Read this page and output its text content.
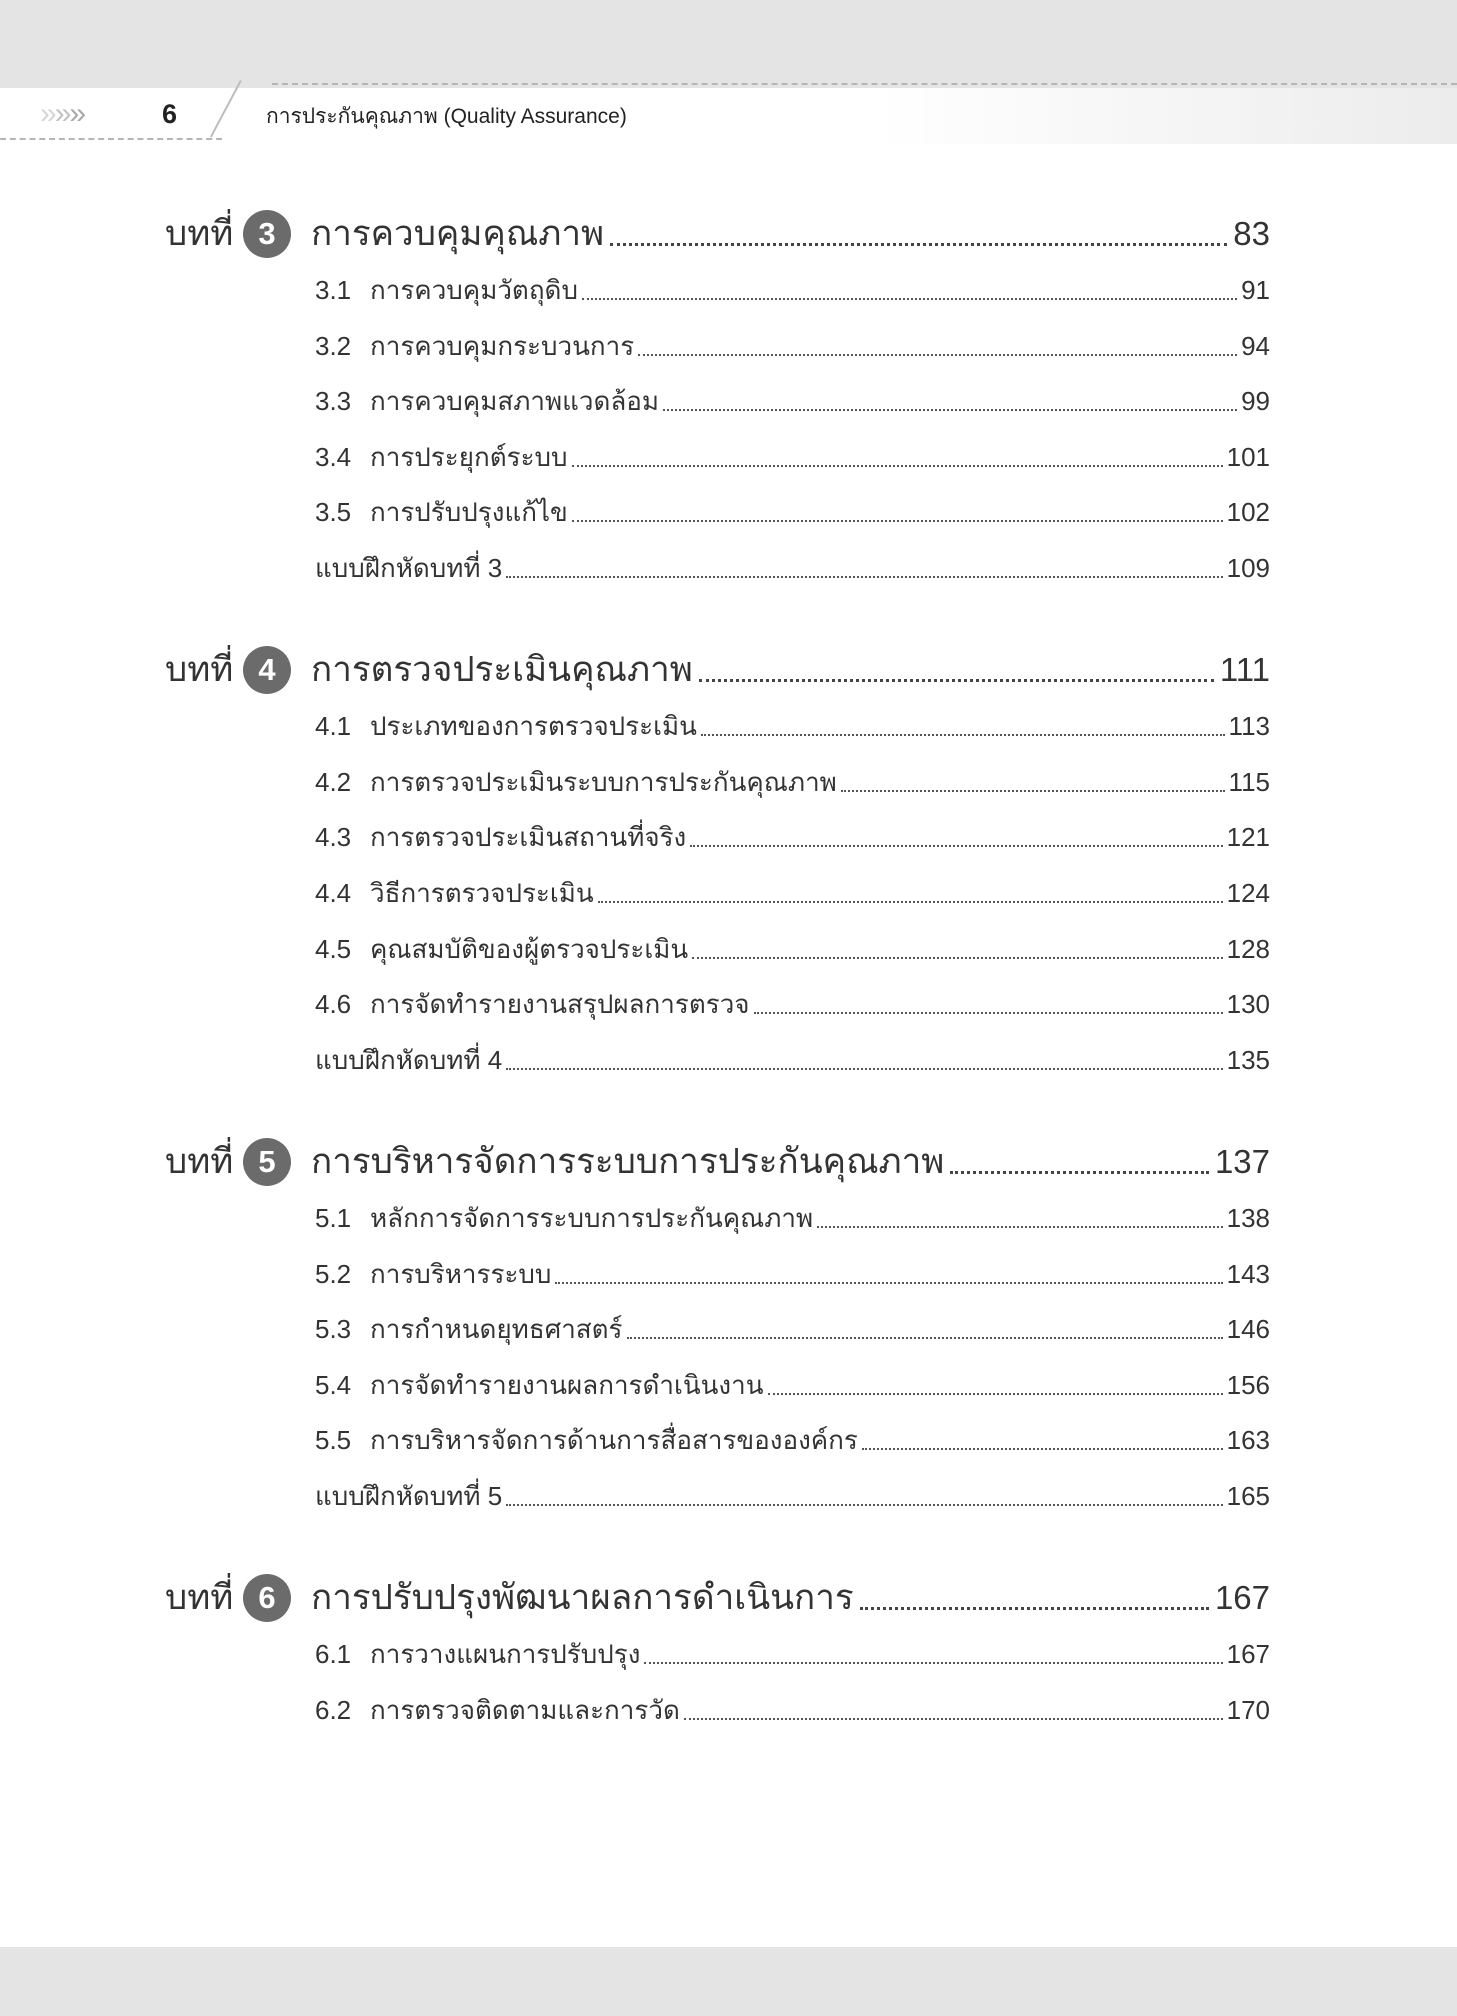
»»»	6	การประกันคุณภาพ (Quality Assurance)
บทที่ 3	การควบคุมคุณภาพ	83
3.1 การควบคุมวัตถุดิบ	91
3.2 การควบคุมกระบวนการ	94
3.3 การควบคุมสภาพแวดล้อม	99
3.4 การประยุกต์ระบบ	101
3.5 การปรับปรุงแก้ไข	102
แบบฝึกหัดบทที่ 3	109
บทที่ 4	การตรวจประเมินคุณภาพ	111
4.1 ประเภทของการตรวจประเมิน	113
4.2 การตรวจประเมินระบบการประกันคุณภาพ	115
4.3 การตรวจประเมินสถานที่จริง	121
4.4 วิธีการตรวจประเมิน	124
4.5 คุณสมบัติของผู้ตรวจประเมิน	128
4.6 การจัดทำรายงานสรุปผลการตรวจ	130
แบบฝึกหัดบทที่ 4	135
บทที่ 5	การบริหารจัดการระบบการประกันคุณภาพ	137
5.1 หลักการจัดการระบบการประกันคุณภาพ	138
5.2 การบริหารระบบ	143
5.3 การกำหนดยุทธศาสตร์	146
5.4 การจัดทำรายงานผลการดำเนินงาน	156
5.5 การบริหารจัดการด้านการสื่อสารขององค์กร	163
แบบฝึกหัดบทที่ 5	165
บทที่ 6	การปรับปรุงพัฒนาผลการดำเนินการ	167
6.1 การวางแผนการปรับปรุง	167
6.2 การตรวจติดตามและการวัด	170
